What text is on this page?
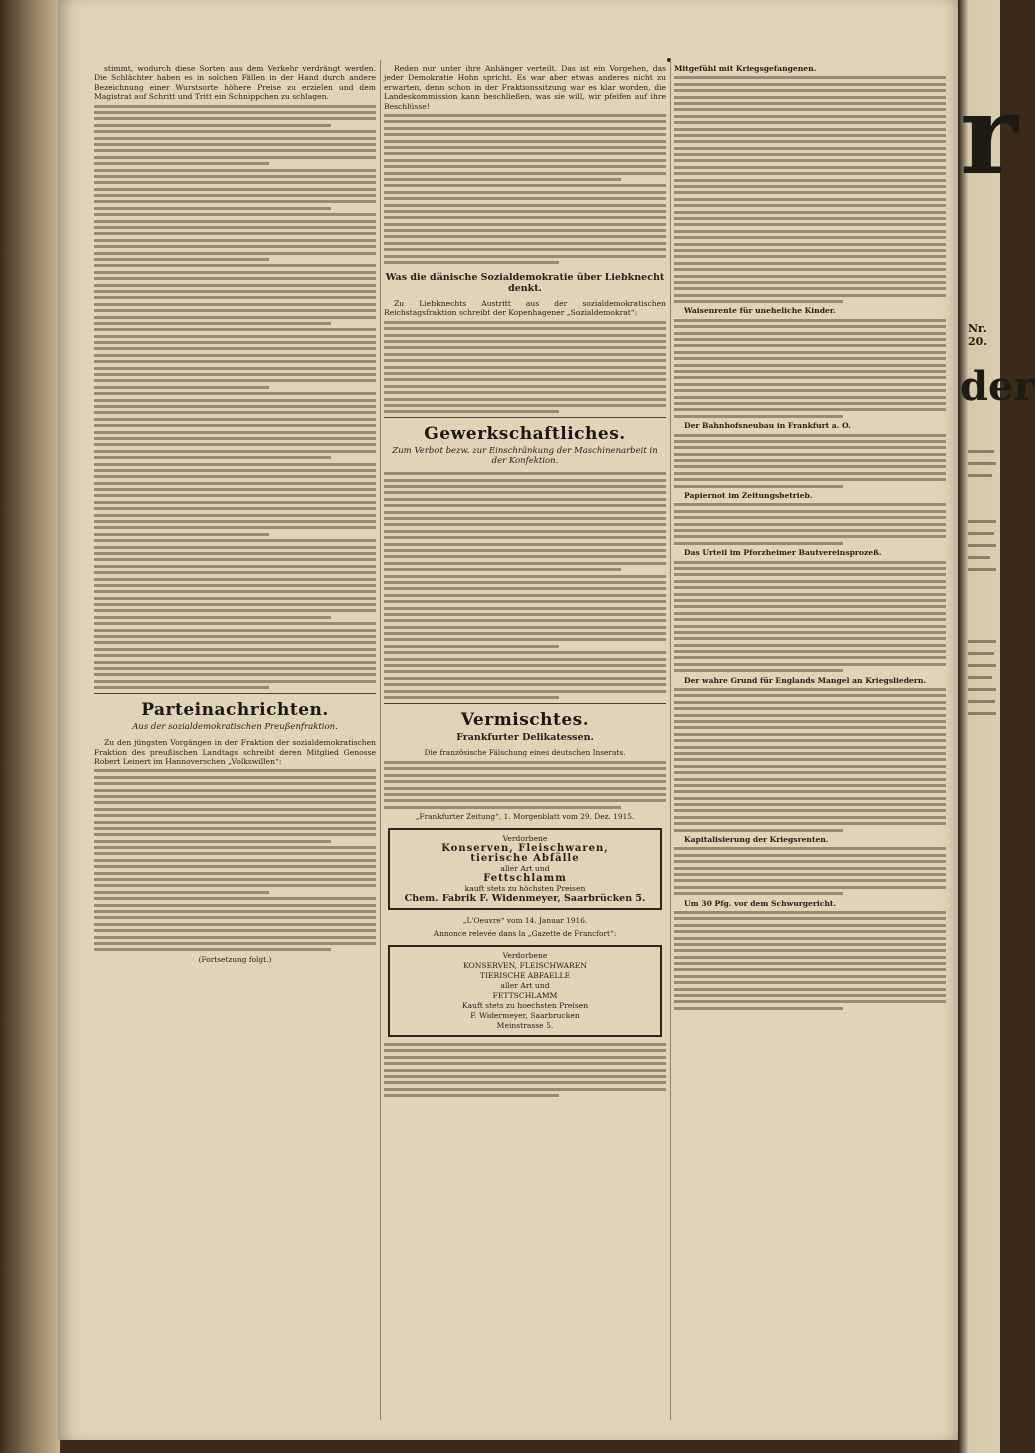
stimmt, wodurch diese Sorten aus dem Verkehr verdrängt werden. Die Schlächter haben es in solchen Fällen in der Hand durch andere Bezeichnung einer Wurstsorte höhere Preise zu erzielen und dem Magistrat auf Schritt und Tritt ein Schnippchen zu schlagen.

Parteinachrichten.
Aus der sozialdemokratischen Preußenfraktion.

Zu den jüngsten Vorgängen in der Fraktion der sozialdemokratischen Fraktion des preußischen Landtags schreibt deren Mitglied Genosse Robert Leinert im Hannoverschen „Volkswillen“:

(Fortsetzung folgt.)

Reden nur unter ihre Anhänger verteilt. Das ist ein Vorgehen, das jeder Demokratie Hohn spricht. Es war aber etwas anderes nicht zu erwarten, denn schon in der Fraktionssitzung war es klar worden, die Landeskommission kann beschließen, was sie will, wir pfeifen auf ihre Beschlüsse!

Was die dänische Sozialdemokratie über Liebknecht denkt.

Zu Liebknechts Austritt aus der sozialdemokratischen Reichstagsfraktion schreibt der Kopenhagener „Sozialdemokrat“:

Gewerkschaftliches.
Zum Verbot bezw. zur Einschränkung der Maschinenarbeit in der Konfektion.
Vermischtes.
Frankfurter Delikatessen.
Die französische Fälschung eines deutschen Inserats.
„Frankfurter Zeitung“, 1. Morgenblatt vom 29. Dez. 1915.
Verdorbene
Konserven, Fleischwaren,
tierische Abfälle
aller Art und
Fettschlamm
kauft stets zu höchsten Preisen
Chem. Fabrik F. Widenmeyer, Saarbrücken 5.
„L'Oeuvre“ vom 14. Januar 1916.
Annonce relevée dans la „Gazette de Francfort“:
Verdorbene
KONSERVEN, FLEISCHWAREN
TIERISCHE ABFAELLE
aller Art und
FETTSCHLAMM
Kauft stets zu hoechsten Preisen
F. Widermeyer, Saarbrucken
Meinstrasse 5.

Mitgefühl mit Kriegsgefangenen.

Waisenrente für uneheliche Kinder.

Der Bahnhofsneubau in Frankfurt a. O.

Papiernot im Zeitungsbetrieb.

Das Urteil im Pforzheimer Bautvereinsprozeß.

Der wahre Grund für Englands Mangel an Kriegsliedern.

Kapitalisierung der Kriegsrenten.

Um 30 Pfg. vor dem Schwurgericht.

r
Nr. 20.
der
